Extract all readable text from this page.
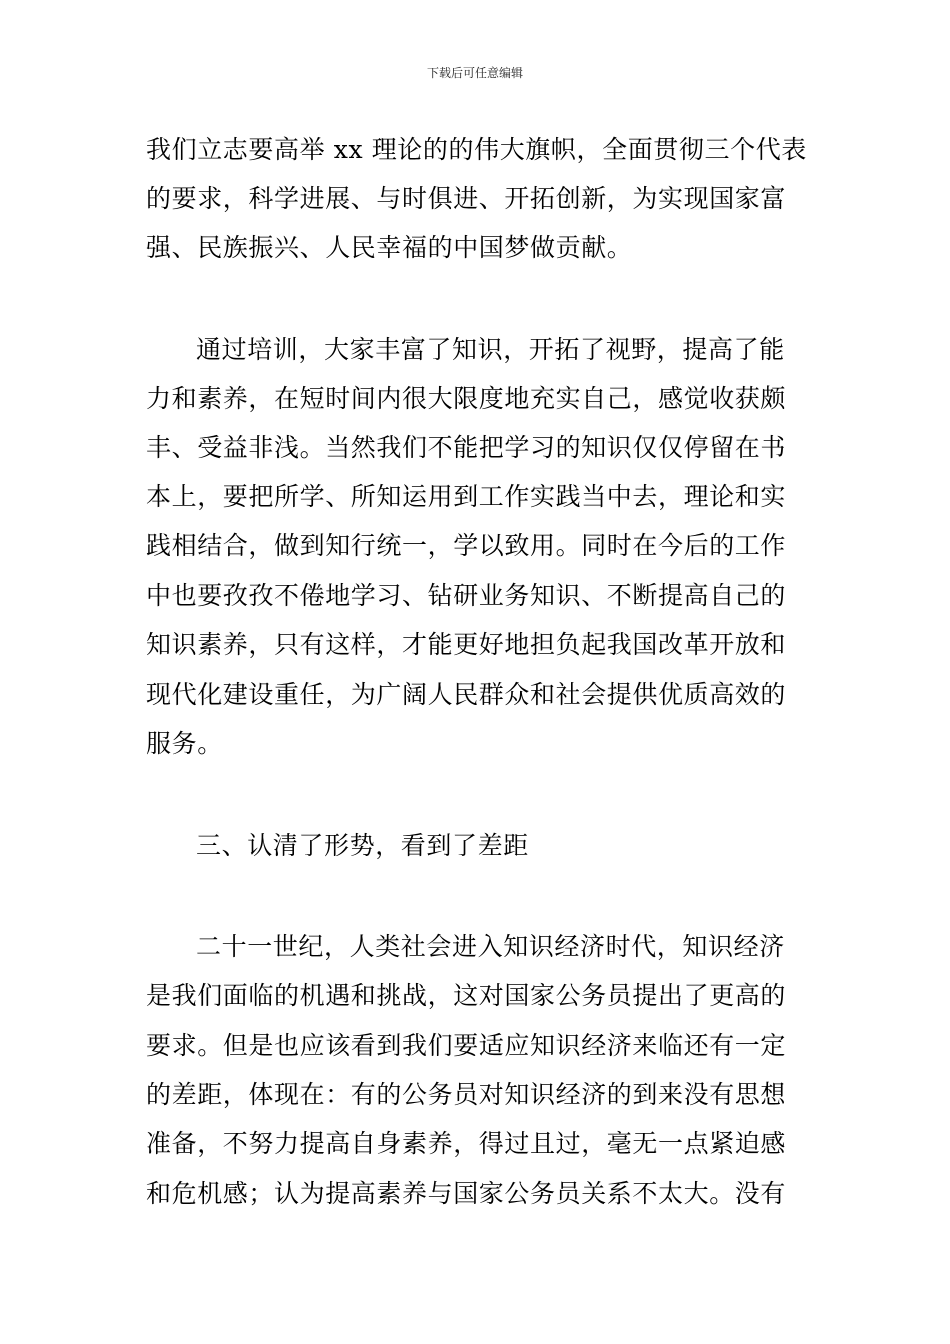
下载后可任意编辑
我们立志要高举 xx 理论的的伟大旗帜，全面贯彻三个代表
的要求，科学进展、与时俱进、开拓创新，为实现国家富
强、民族振兴、人民幸福的中国梦做贡献。
通过培训，大家丰富了知识，开拓了视野，提高了能
力和素养，在短时间内很大限度地充实自己，感觉收获颇
丰、受益非浅。当然我们不能把学习的知识仅仅停留在书
本上，要把所学、所知运用到工作实践当中去，理论和实
践相结合，做到知行统一，学以致用。同时在今后的工作
中也要孜孜不倦地学习、钻研业务知识、不断提高自己的
知识素养，只有这样，才能更好地担负起我国改革开放和
现代化建设重任，为广阔人民群众和社会提供优质高效的
服务。
三、认清了形势，看到了差距
二十一世纪，人类社会进入知识经济时代，知识经济
是我们面临的机遇和挑战，这对国家公务员提出了更高的
要求。但是也应该看到我们要适应知识经济来临还有一定
的差距，体现在：有的公务员对知识经济的到来没有思想
准备，不努力提高自身素养，得过且过，毫无一点紧迫感
和危机感；认为提高素养与国家公务员关系不太大。没有
